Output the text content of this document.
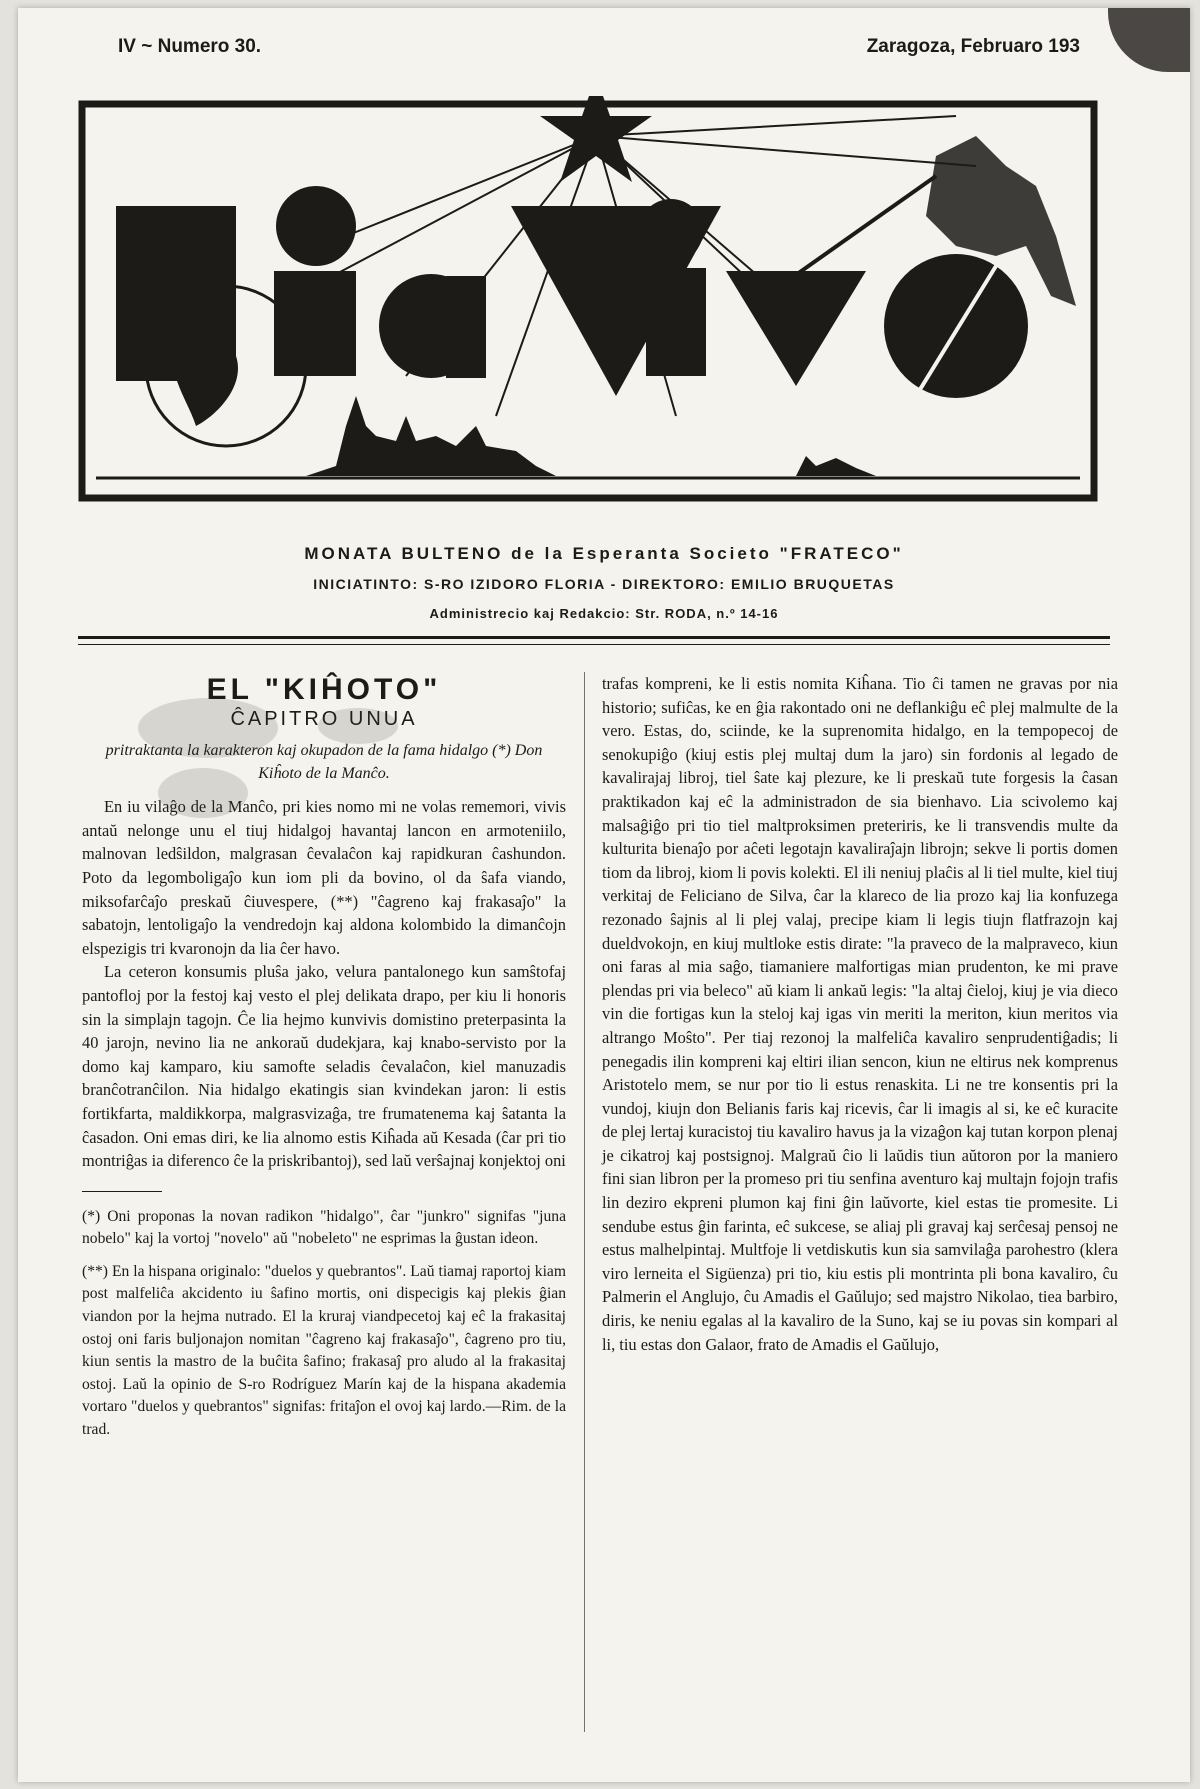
IV ~ Numero 30.	Zaragoza, Februaro 193
MONATA BULTENO de la Esperanta Societo "FRATECO"
INICIATINTO: S-RO IZIDORO FLORIA - DIREKTORO: EMILIO BRUQUETAS
Administrecio kaj Redakcio: Str. RODA, n.º 14-16
EL "KIĤOTO"
ĈAPITRO UNUA
pritraktanta la karakteron kaj okupadon de la fama hidalgo (*) Don Kiĥoto de la Manĉo.

En iu vilaĝo de la Manĉo, pri kies nomo mi ne volas rememori, vivis antaŭ nelonge unu el tiuj hidalgoj havantaj lancon en armoteniilo, malnovan ledŝildon, malgrasan ĉevalaĉon kaj rapidkuran ĉashundon. Poto da legomboligaĵo kun iom pli da bovino, ol da ŝafa viando, miksofarĉaĵo preskaŭ ĉiuvespere, (**) "ĉagreno kaj frakasaĵo" la sabatojn, lentoligaĵo la vendredojn kaj aldona kolombido la dimanĉojn elspezigis tri kvaronojn da lia ĉer havo.

La ceteron konsumis pluŝa jako, velura pantalonego kun samŝtofaj pantofloj por la festoj kaj vesto el plej delikata drapo, per kiu li honoris sin la simplajn tagojn. Ĉe lia hejmo kunvivis domistino preterpasinta la 40 jarojn, nevino lia ne ankoraŭ dudekjara, kaj knabo-servisto por la domo kaj kamparo, kiu samofte seladis ĉevalaĉon, kiel manuzadis branĉotranĉilon. Nia hidalgo ekatingis sian kvindekan jaron: li estis fortikfarta, maldikkorpa, malgrasvizaĝa, tre frumatenema kaj ŝatanta la ĉasadon. Oni emas diri, ke lia alnomo estis Kiĥada aŭ Kesada (ĉar pri tio montriĝas ia diferenco ĉe la priskribantoj), sed laŭ verŝajnaj konjektoj oni

(*) Oni proponas la novan radikon "hidalgo", ĉar "junkro" signifas "juna nobelo" kaj la vortoj "novelo" aŭ "nobeleto" ne esprimas la ĝustan ideon.
(**) En la hispana originalo: "duelos y quebrantos". Laŭ tiamaj raportoj kiam post malfeliĉa akcidento iu ŝafino mortis, oni dispecigis kaj plekis ĝian viandon por la hejma nutrado. El la kruraj viandpecetoj kaj eĉ la frakasitaj ostoj oni faris buljonajon nomitan "ĉagreno kaj frakasaĵo", ĉagreno pro tiu, kiun sentis la mastro de la buĉita ŝafino; frakasaĵ pro aludo al la frakasitaj ostoj. Laŭ la opinio de S-ro Rodríguez Marín kaj de la hispana akademia vortaro "duelos y quebrantos" signifas: fritaĵon el ovoj kaj lardo.—Rim. de la trad.

trafas kompreni, ke li estis nomita Kiĥana. Tio ĉi tamen ne gravas por nia historio; sufiĉas, ke en ĝia rakontado oni ne deflankiĝu eĉ plej malmulte de la vero. Estas, do, sciinde, ke la suprenomita hidalgo, en la tempopecoj de senokupiĝo (kiuj estis plej multaj dum la jaro) sin fordonis al legado de kavalirajaj libroj, tiel ŝate kaj plezure, ke li preskaŭ tute forgesis la ĉasan praktikadon kaj eĉ la administradon de sia bienhavo. Lia scivolemo kaj malsaĝiĝo pri tio tiel maltproksimen preteriris, ke li transvendis multe da kulturita bienaĵo por aĉeti legotajn kavaliraĵajn librojn; sekve li portis domen tiom da libroj, kiom li povis kolekti. El ili neniuj plaĉis al li tiel multe, kiel tiuj verkitaj de Feliciano de Silva, ĉar la klareco de lia prozo kaj lia konfuzega rezonado ŝajnis al li plej valaj, precipe kiam li legis tiujn flatfrazojn kaj dueldvokojn, en kiuj multloke estis dirate: "la praveco de la malpraveco, kiun oni faras al mia saĝo, tiamaniere malfortigas mian prudenton, ke mi prave plendas pri via beleco" aŭ kiam li ankaŭ legis: "la altaj ĉieloj, kiuj je via dieco vin die fortigas kun la steloj kaj igas vin meriti la meriton, kiun meritos via altrango Moŝto". Per tiaj rezonoj la malfeliĉa kavaliro senprudentiĝadis; li penegadis ilin kompreni kaj eltiri ilian sencon, kiun ne eltirus nek komprenus Aristotelo mem, se nur por tio li estus renaskita. Li ne tre konsentis pri la vundoj, kiujn don Belianis faris kaj ricevis, ĉar li imagis al si, ke eĉ kuracite de plej lertaj kuracistoj tiu kavaliro havus ja la vizaĝon kaj tutan korpon plenaj je cikatroj kaj postsignoj. Malgraŭ ĉio li laŭdis tiun aŭtoron por la maniero fini sian libron per la promeso pri tiu senfina aventuro kaj multajn fojojn trafis lin deziro ekpreni plumon kaj fini ĝin laŭvorte, kiel estas tie promesite. Li sendube estus ĝin farinta, eĉ sukcese, se aliaj pli gravaj kaj serĉesaj pensoj ne estus malhelpintaj. Multfoje li vetdiskutis kun sia samvilaĝa parohestro (klera viro lerneita el Sigüenza) pri tio, kiu estis pli montrinta pli bona kavaliro, ĉu Palmerin el Anglujo, ĉu Amadis el Gaŭlujo; sed majstro Nikolao, tiea barbiro, diris, ke neniu egalas al la kavaliro de la Suno, kaj se iu povas sin kompari al li, tiu estas don Galaor, frato de Amadis el Gaŭlujo,
